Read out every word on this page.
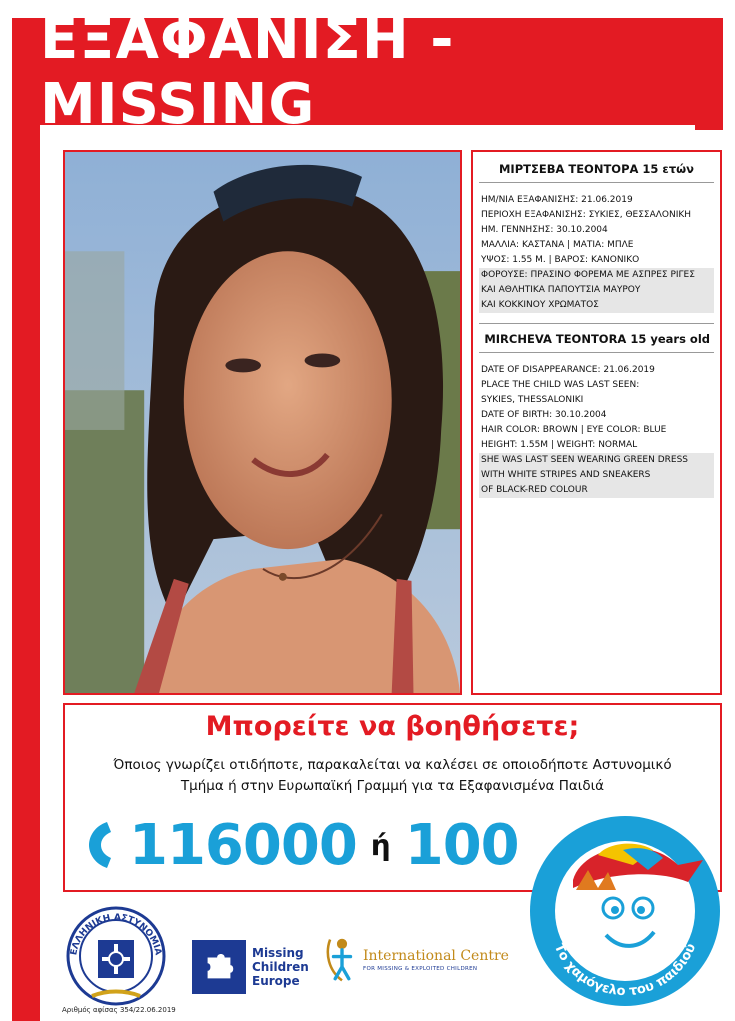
ΕΞΑΦΑΝΙΣΗ - MISSING
ΜΙΡΤΣΕΒΑ ΤΕΟΝΤΟΡΑ 15 ετών
ΗΜ/ΝΙΑ ΕΞΑΦΑΝΙΣΗΣ: 21.06.2019
ΠΕΡΙΟΧΗ ΕΞΑΦΑΝΙΣΗΣ: ΣΥΚΙΕΣ, ΘΕΣΣΑΛΟΝΙΚΗ
ΗΜ. ΓΕΝΝΗΣΗΣ: 30.10.2004
ΜΑΛΛΙΑ: ΚΑΣΤΑΝΑ | ΜΑΤΙΑ: ΜΠΛΕ
ΥΨΟΣ: 1.55 Μ. | ΒΑΡΟΣ: ΚΑΝΟΝΙΚΟ
ΦΟΡΟΥΣΕ: ΠΡΑΣΙΝΟ ΦΟΡΕΜΑ ΜΕ ΑΣΠΡΕΣ ΡΙΓΕΣ
ΚΑΙ ΑΘΛΗΤΙΚΑ ΠΑΠΟΥΤΣΙΑ ΜΑΥΡΟΥ
ΚΑΙ ΚΟΚΚΙΝΟΥ ΧΡΩΜΑΤΟΣ
MIRCHEVA TEONTORA 15 years old
DATE OF DISAPPEARANCE: 21.06.2019
PLACE THE CHILD WAS LAST SEEN:
SYKIES, THESSALONIKI
DATE OF BIRTH: 30.10.2004
HAIR COLOR: BROWN | EYE COLOR: BLUE
HEIGHT: 1.55M | WEIGHT: NORMAL
SHE WAS LAST SEEN WEARING GREEN DRESS
WITH WHITE STRIPES AND SNEAKERS
OF BLACK-RED COLOUR
Μπορείτε να βοηθήσετε;
Όποιος γνωρίζει οτιδήποτε, παρακαλείται να καλέσει σε οποιοδήποτε Αστυνομικό
Τμήμα ή στην Ευρωπαϊκή Γραμμή για τα Εξαφανισμένα Παιδιά
116000 ή 100
Το χαμόγελο του παιδιού
ΕΛΛΗΝΙΚΗ ΑΣΤΥΝΟΜΙΑ
Αριθμός αφίσας 354/22.06.2019
Missing
Children
Europe
International Centre
FOR MISSING & EXPLOITED CHILDREN
